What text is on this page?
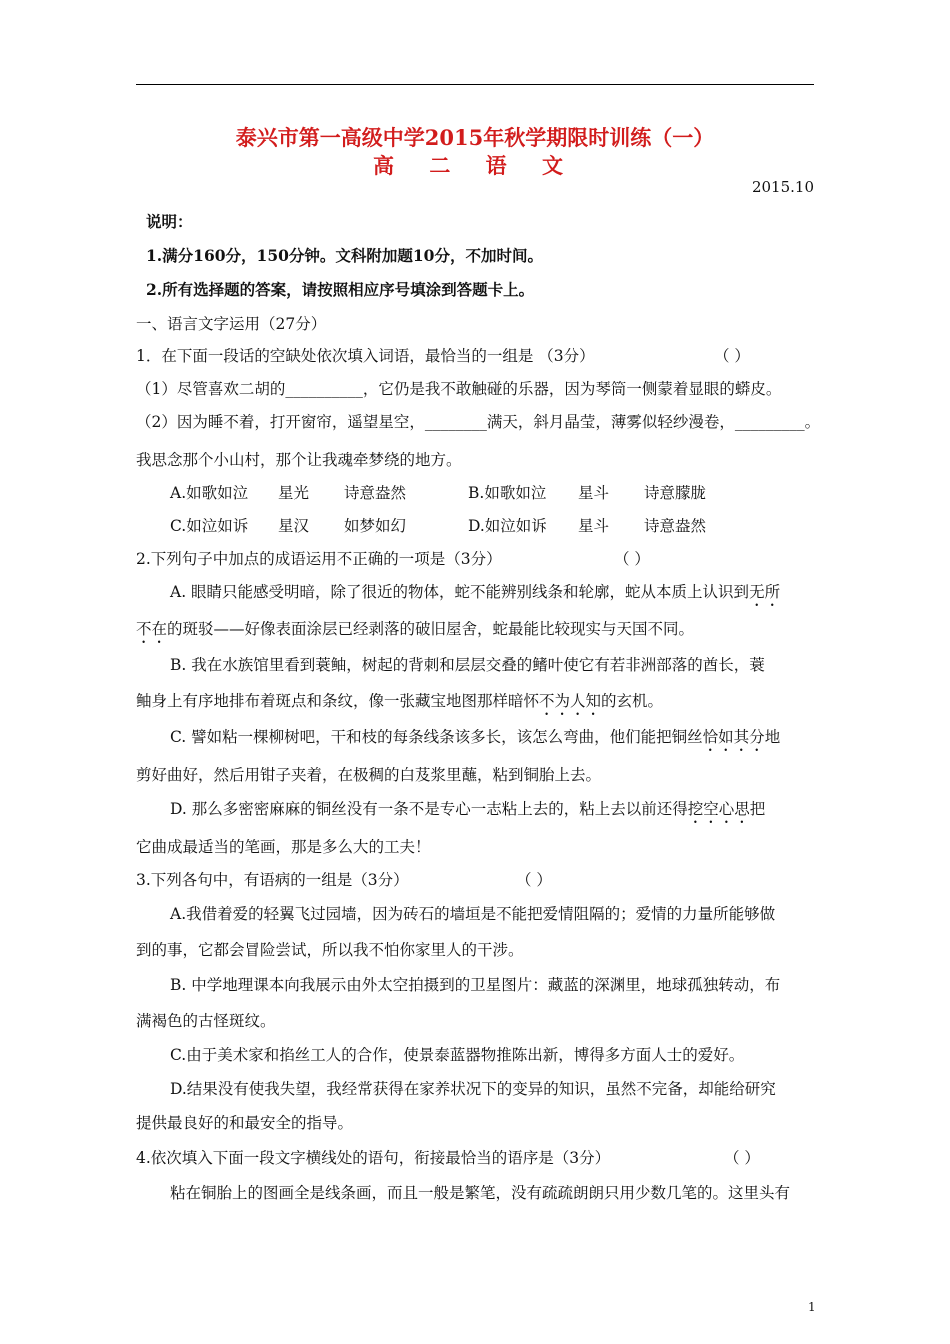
泰兴市第一高级中学2015年秋学期限时训练（一）
高 二 语 文
2015.10
说明：
1.满分160分，150分钟。文科附加题10分，不加时间。
2.所有选择题的答案，请按照相应序号填涂到答题卡上。
一、语言文字运用（27分）
1．在下面一段话的空缺处依次填入词语，最恰当的一组是 （3分）	（ ）
（1）尽管喜欢二胡的__________，它仍是我不敢触碰的乐器，因为琴筒一侧蒙着显眼的蟒皮。
（2）因为睡不着，打开窗帘，遥望星空，________满天，斜月晶莹，薄雾似轻纱漫卷，_________。
我思念那个小山村，那个让我魂牵梦绕的地方。
A.如歌如泣 星光 诗意盎然	B.如歌如泣 星斗 诗意朦胧
C.如泣如诉 星汉 如梦如幻	D.如泣如诉 星斗 诗意盎然
2.下列句子中加点的成语运用不正确的一项是（3分）	（ ）
A. 眼睛只能感受明暗，除了很近的物体，蛇不能辨别线条和轮廓，蛇从本质上认识到无所
不在的斑驳——好像表面涂层已经剥落的破旧屋舍，蛇最能比较现实与天国不同。
B. 我在水族馆里看到蓑鲉，树起的背刺和层层交叠的鳍叶使它有若非洲部落的酋长，蓑
鲉身上有序地排布着斑点和条纹，像一张藏宝地图那样暗怀不为人知的玄机。
C. 譬如粘一棵柳树吧，干和枝的每条线条该多长，该怎么弯曲，他们能把铜丝恰如其分地
剪好曲好，然后用钳子夹着，在极稠的白芨浆里蘸，粘到铜胎上去。
D. 那么多密密麻麻的铜丝没有一条不是专心一志粘上去的，粘上去以前还得挖空心思把
它曲成最适当的笔画，那是多么大的工夫！
3.下列各句中，有语病的一组是（3分）	（ ）
A.我借着爱的轻翼飞过园墙，因为砖石的墙垣是不能把爱情阻隔的；爱情的力量所能够做
到的事，它都会冒险尝试，所以我不怕你家里人的干涉。
B. 中学地理课本向我展示由外太空拍摄到的卫星图片：藏蓝的深渊里，地球孤独转动，布
满褐色的古怪斑纹。
C.由于美术家和掐丝工人的合作，使景泰蓝器物推陈出新，博得多方面人士的爱好。
D.结果没有使我失望，我经常获得在家养状况下的变异的知识，虽然不完备，却能给研究
提供最良好的和最安全的指导。
4.依次填入下面一段文字横线处的语句，衔接最恰当的语序是（3分）	（ ）
粘在铜胎上的图画全是线条画，而且一般是繁笔，没有疏疏朗朗只用少数几笔的。这里头有
1
